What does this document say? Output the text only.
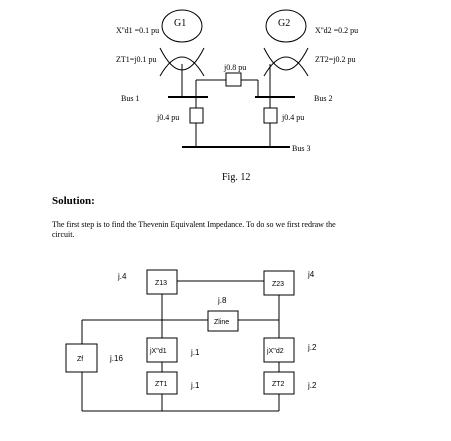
G1
X''d1 =0.1 pu
ZT1=j0.1 pu
G2
X''d2 =0.2 pu
ZT2=j0.2 pu
j0.8 pu
Bus 1	Bus 2
j0.4 pu	j0.4 pu
Bus 3
Fig. 12
Solution:
The first step is to find the Thevenin Equivalent Impedance. To do so we first redraw the
circuit.
Z13
j.4
Z23
j4
Zline
j.8
jX''d1	j.1	jX''d2	j.2
ZT1	j.1	ZT2	j.2
Zf	j.16
